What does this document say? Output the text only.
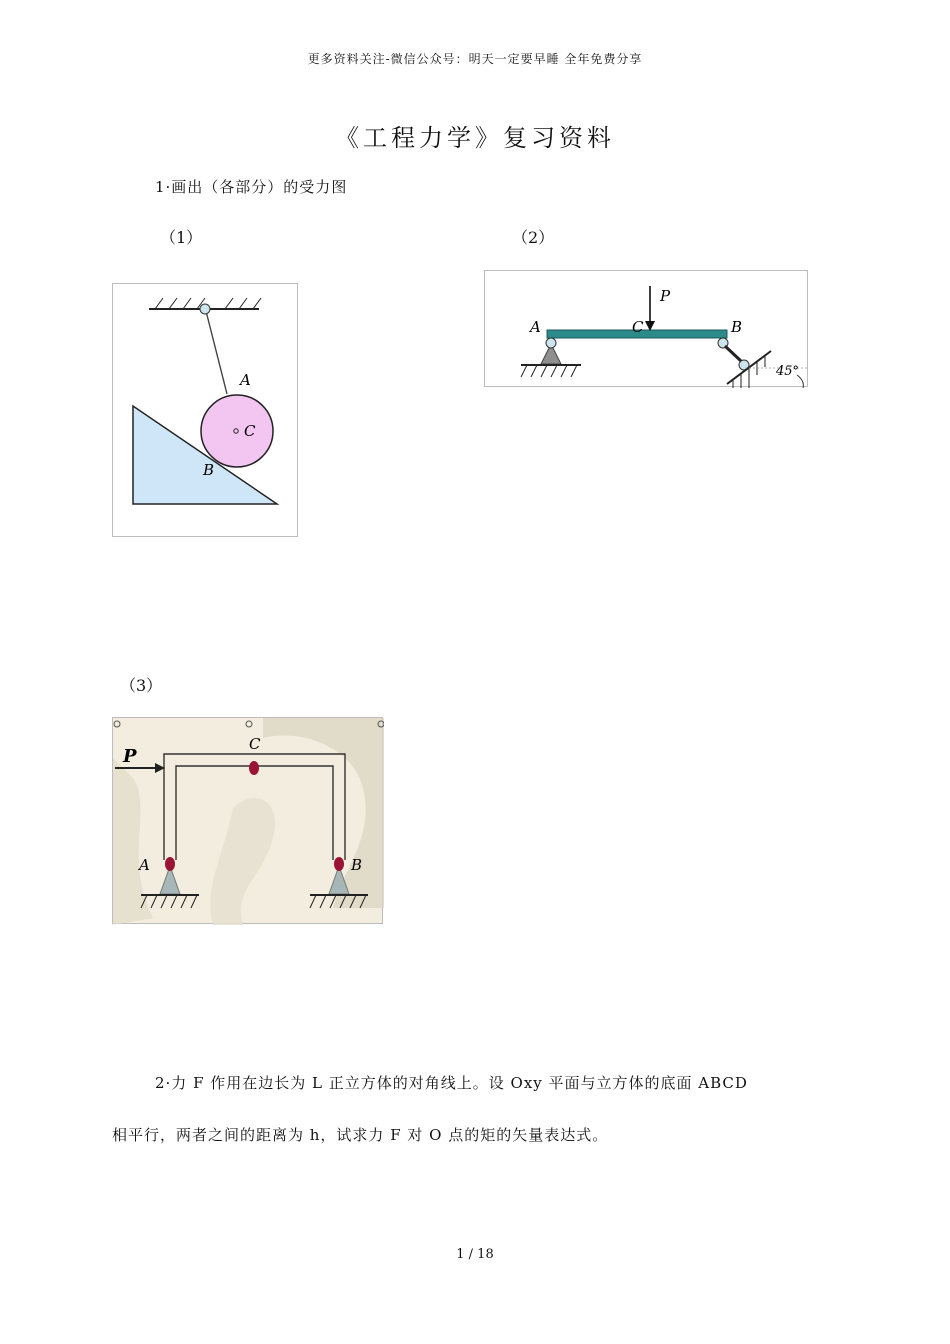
更多资料关注-微信公众号：明天一定要早睡 全年免费分享
《工程力学》复习资料
1·画出（各部分）的受力图
（1）	（2）
A
C
B
P
A	C	B
45°
（3）
P
C
A	B
2·力 F 作用在边长为 L 正立方体的对角线上。设 Oxy 平面与立方体的底面 ABCD
相平行，两者之间的距离为 h，试求力 F 对 O 点的矩的矢量表达式。
1 / 18
